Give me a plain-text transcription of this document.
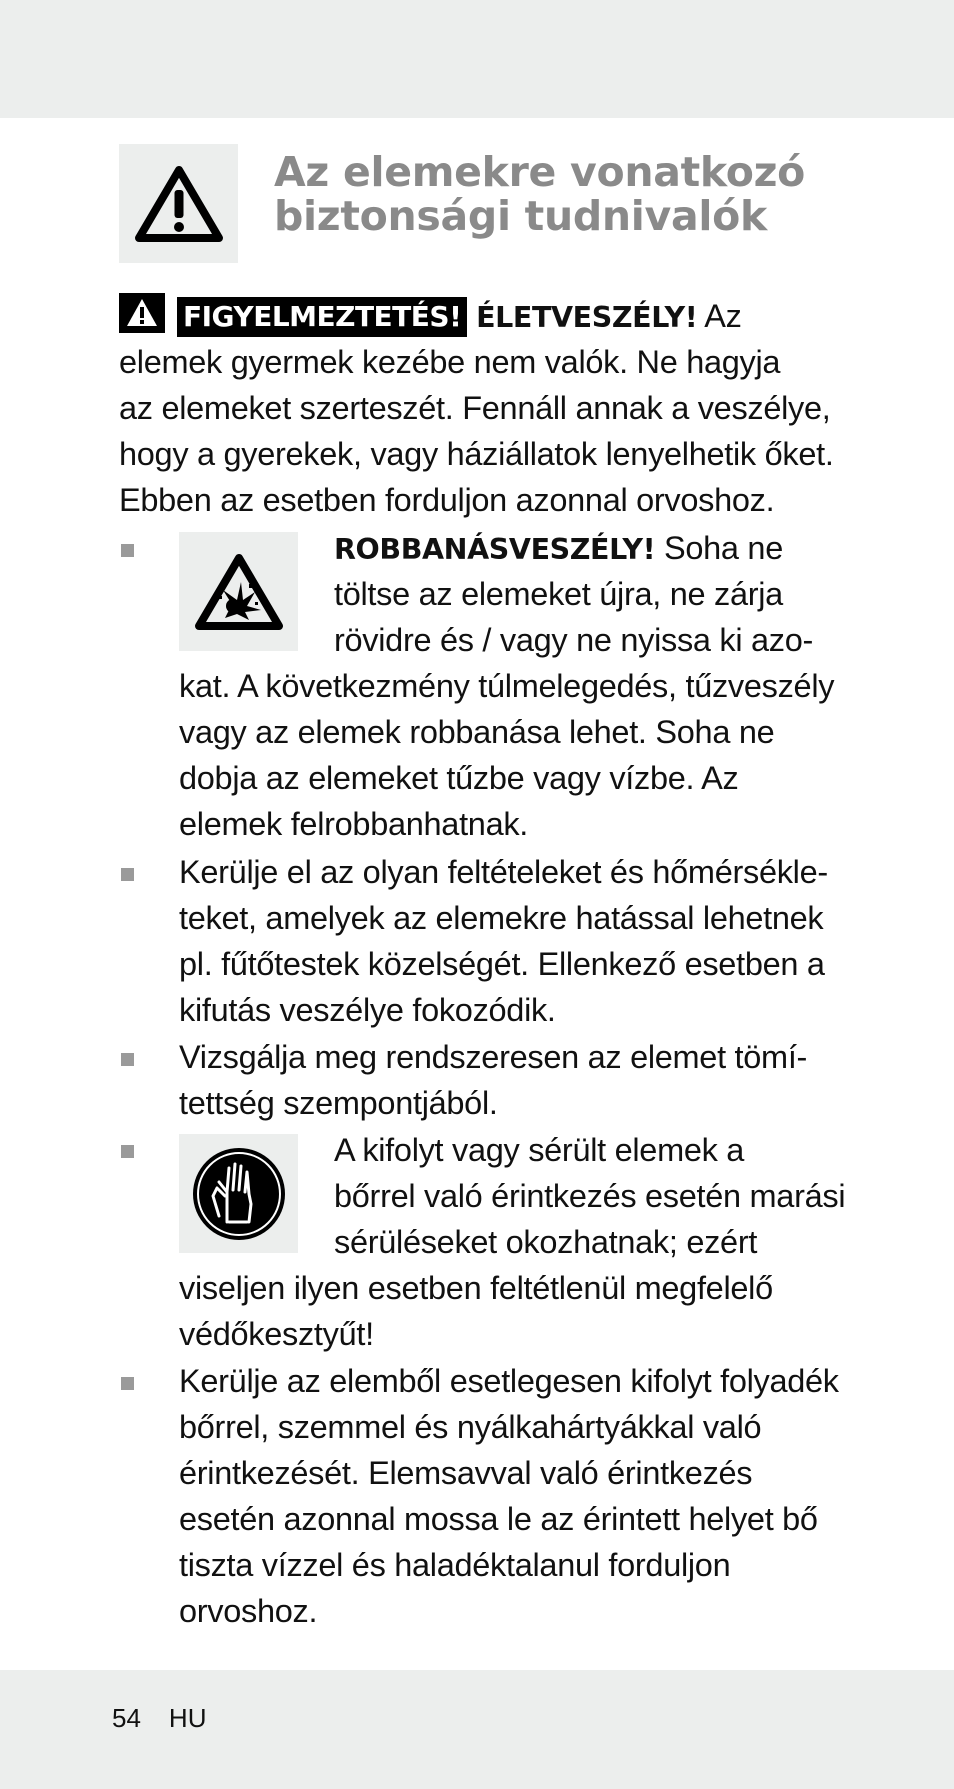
Az elemekre vonatkozó
biztonsági tudnivalók
FIGYELMEZTETÉS! ÉLETVESZÉLY! Az
elemek gyermek kezébe nem valók. Ne hagyja
az elemeket szerteszét. Fennáll annak a veszélye,
hogy a gyerekek, vagy háziállatok lenyelhetik őket.
Ebben az esetben forduljon azonnal orvoshoz.
ROBBANÁSVESZÉLY! Soha ne
töltse az elemeket újra, ne zárja
rövidre és / vagy ne nyissa ki azo-
kat. A következmény túlmelegedés, tűzveszély
vagy az elemek robbanása lehet. Soha ne
dobja az elemeket tűzbe vagy vízbe. Az
elemek felrobbanhatnak.
Kerülje el az olyan feltételeket és hőmérsékle-
teket, amelyek az elemekre hatással lehetnek
pl. fűtőtestek közelségét. Ellenkező esetben a
kifutás veszélye fokozódik.
Vizsgálja meg rendszeresen az elemet tömí-
tettség szempontjából.
A kifolyt vagy sérült elemek a
bőrrel való érintkezés esetén marási
sérüléseket okozhatnak; ezért
viseljen ilyen esetben feltétlenül megfelelő
védőkesztyűt!
Kerülje az elemből esetlegesen kifolyt folyadék
bőrrel, szemmel és nyálkahártyákkal való
érintkezését. Elemsavval való érintkezés
esetén azonnal mossa le az érintett helyet bő
tiszta vízzel és haladéktalanul forduljon
orvoshoz.
54 HU
